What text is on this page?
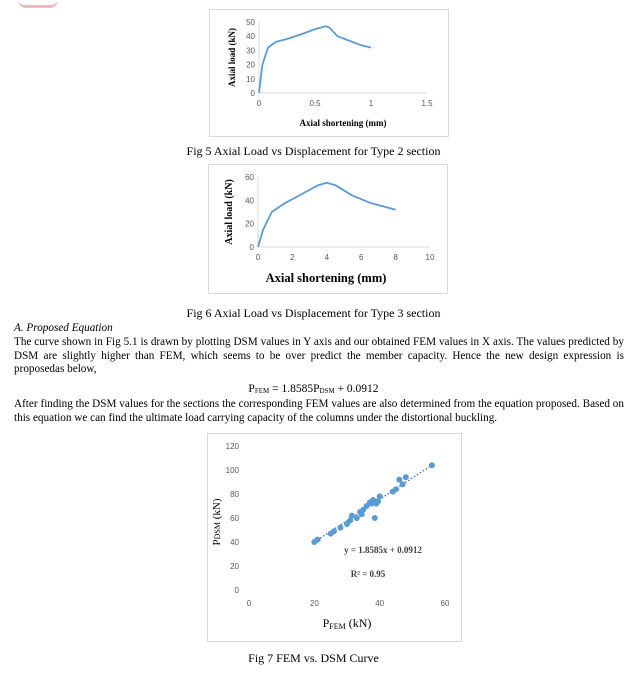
0
10
20
30
40
50
0	0.5	1	1.5
Axial shortening (mm)
Axial load (kN)
Fig 5 Axial Load vs Displacement for Type 2 section
0
20
40
60
0	2	4	6	8	10
Axial shortening (mm)
Axial load (kN)
Fig 6 Axial Load vs Displacement for Type 3 section
A. Proposed Equation
The curve shown in Fig 5.1 is drawn by plotting DSM values in Y axis and our obtained FEM values in X axis. The values predicted by DSM are slightly higher than FEM, which seems to be over predict the member capacity. Hence the new design expression is proposedas below,
$P_{FEM} = 1.8585P_{DSM} + 0.0912$
After finding the DSM values for the sections the corresponding FEM values are also determined from the equation proposed. Based on this equation we can find the ultimate load carrying capacity of the columns under the distortional buckling.
0
20
40
60
80
100
120
0	20	40	60
y = 1.8585x + 0.0912
R² = 0.95
PFEM (kN)
PDSM (kN)
Fig 7 FEM vs. DSM Curve
